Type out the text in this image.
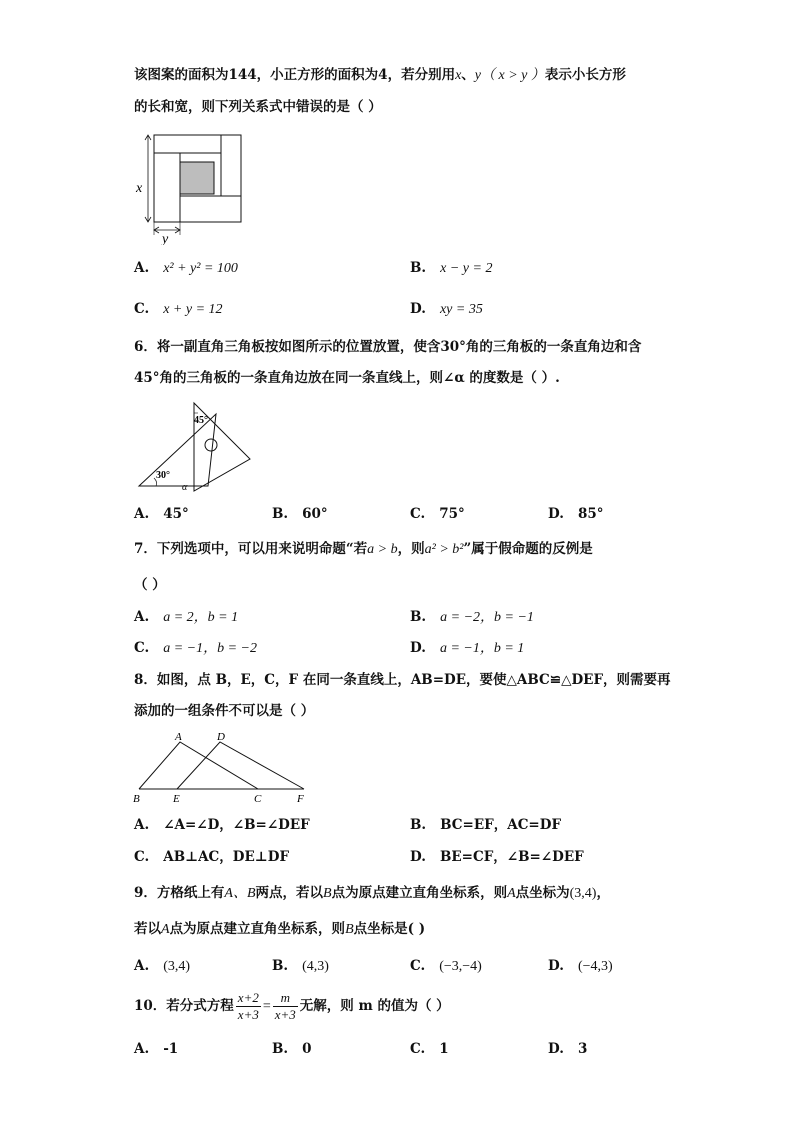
该图案的面积为144，小正方形的面积为4，若分别用x、y（ x > y ）表示小长方形
的长和宽，则下列关系式中错误的是（ ）
x
y
A. x² + y² = 100	B. x − y = 2
C. x + y = 12	D. xy = 35
6．将一副直角三角板按如图所示的位置放置，使含30°角的三角板的一条直角边和含
45°角的三角板的一条直角边放在同一条直线上，则∠α 的度数是（ ）.
45°
30°
α
A. 45°	B. 60°	C. 75°	D. 85°
7．下列选项中，可以用来说明命题“若a > b，则a² > b²”属于假命题的反例是
（ ）
A. a = 2，b = 1	B. a = −2，b = −1
C. a = −1，b = −2	D. a = −1，b = 1
8．如图，点 B，E，C，F 在同一条直线上，AB=DE，要使△ABC≌△DEF，则需要再
添加的一组条件不可以是（ ）
A	D
B	E	C	F
A. ∠A=∠D，∠B=∠DEF	B. BC=EF，AC=DF
C. AB⊥AC，DE⊥DF	D. BE=CF，∠B=∠DEF
9．方格纸上有A、B两点，若以B点为原点建立直角坐标系，则A点坐标为(3,4)，
若以A点为原点建立直角坐标系，则B点坐标是( )
A. (3,4)	B. (4,3)	C. (−3,−4)	D. (−4,3)
10．若分式方程 $\frac{x+2}{x+3} = \frac{m}{x+3}$ 无解，则 m 的值为（ ）
A. -1	B. 0	C. 1	D. 3
